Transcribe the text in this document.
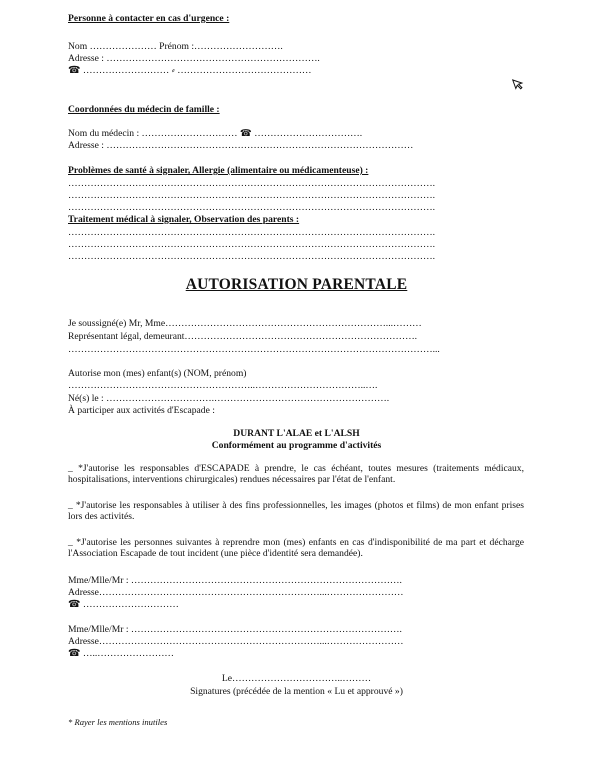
Personne à contacter en cas d'urgence :
Nom ………………… Prénom :……………………….
Adresse : ………………………………………………………….
☎ ……………………… ⸗ ……………………………………
Coordonnées du médecin de famille :
Nom du médecin : ………………………… ☎ …………………………….
Adresse : ……………………………………………………………………………………
Problèmes de santé à signaler, Allergie (alimentaire ou médicamenteuse) :
…………………………………………………………………………………………………….
…………………………………………………………………………………………………….
…………………………………………………………………………………………………….
Traitement médical à signaler, Observation des parents :
…………………………………………………………………………………………………….
…………………………………………………………………………………………………….
…………………………………………………………………………………………………….
AUTORISATION PARENTALE
Je soussigné(e) Mr, Mme……………………………………………………………...………
Représentant légal, demeurant……………………………………………………………….
……………………………………………………………………………………………………...
Autorise mon (mes) enfant(s) (NOM, prénom)
…………………………………………………..……………………………..….
Né(s) le : …………………………….……………………………………………….
À participer aux activités d'Escapade :
DURANT L'ALAE et L'ALSH
Conformément au programme d'activités
_ *J'autorise les responsables d'ESCAPADE à prendre, le cas échéant, toutes mesures (traitements médicaux, hospitalisations, interventions chirurgicales) rendues nécessaires par l'état de l'enfant.
_ *J'autorise les responsables à utiliser à des fins professionnelles, les images (photos et films) de mon enfant prises lors des activités.
_ *J'autorise les personnes suivantes à reprendre mon (mes) enfants en cas d'indisponibilité de ma part et décharge l'Association Escapade de tout incident (une pièce d'identité sera demandée).
Mme/Mlle/Mr : ………………………………………………………………………….
Adresse……………………………………………………………...……………………
☎ …………………………
Mme/Mlle/Mr : ………………………………………………………………………….
Adresse……………………………………………………………...……………………
☎ …..……………………
Le……………………………..………
Signatures (précédée de la mention « Lu et approuvé »)
* Rayer les mentions inutiles
